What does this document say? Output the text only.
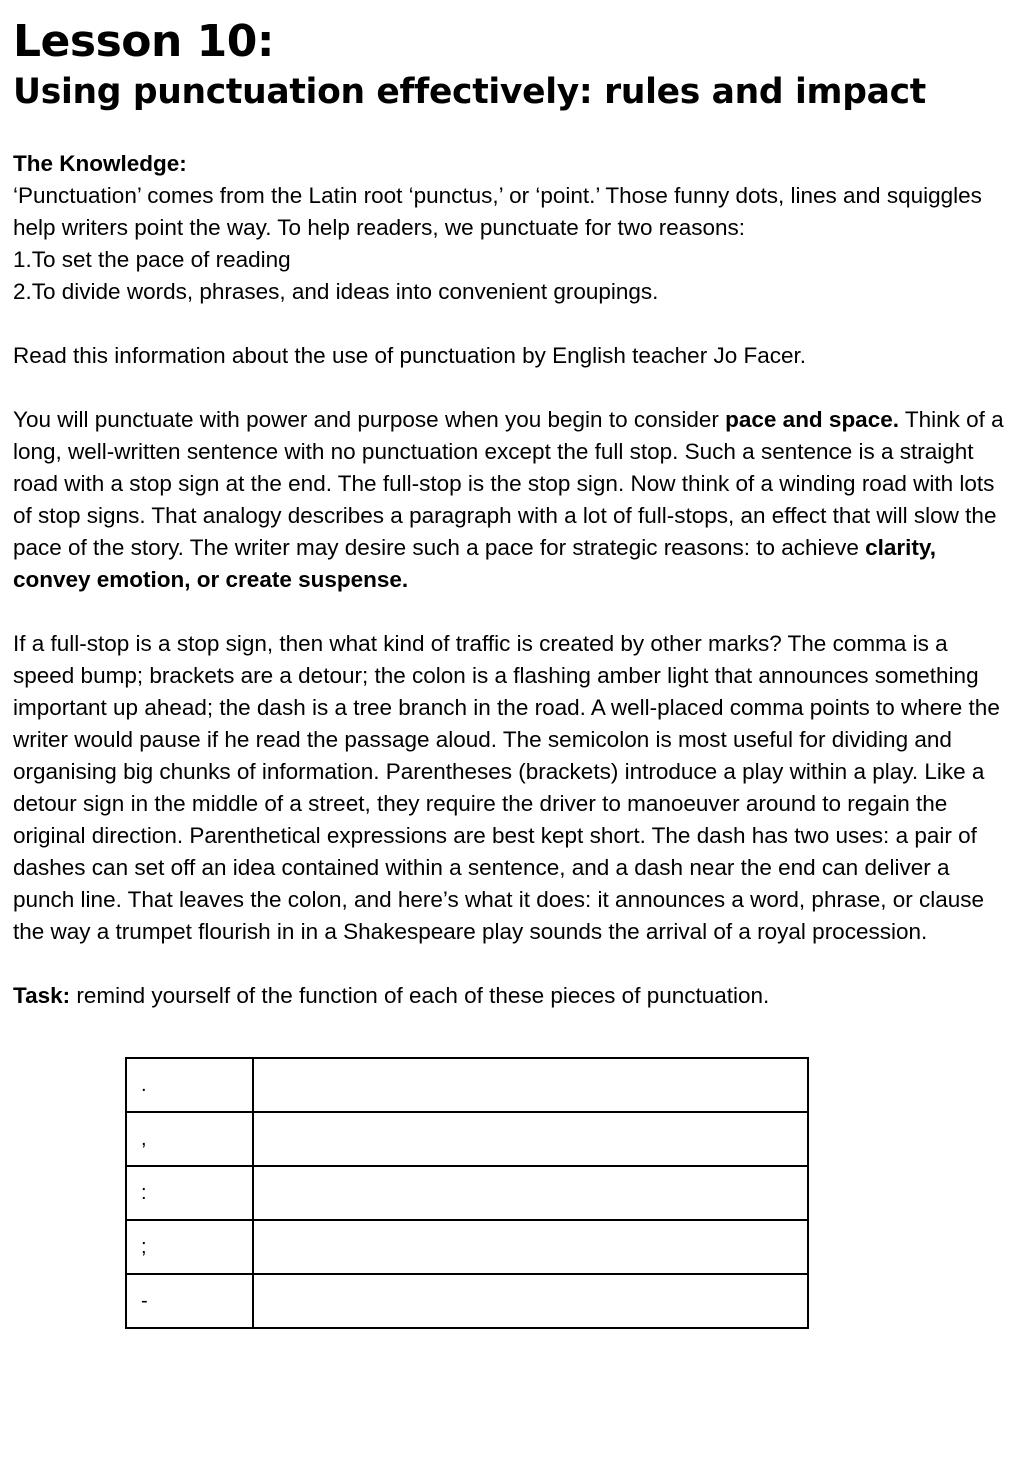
Lesson 10:
Using punctuation effectively: rules and impact

The Knowledge:

‘Punctuation’ comes from the Latin root ‘punctus,’ or ‘point.’ Those funny dots, lines and squiggles help writers point the way. To help readers, we punctuate for two reasons:

1.To set the pace of reading

2.To divide words, phrases, and ideas into convenient groupings.

Read this information about the use of punctuation by English teacher Jo Facer.

You will punctuate with power and purpose when you begin to consider pace and space. Think of a long, well-written sentence with no punctuation except the full stop. Such a sentence is a straight road with a stop sign at the end. The full-stop is the stop sign. Now think of a winding road with lots of stop signs. That analogy describes a paragraph with a lot of full-stops, an effect that will slow the pace of the story. The writer may desire such a pace for strategic reasons: to achieve clarity, convey emotion, or create suspense.

If a full-stop is a stop sign, then what kind of traffic is created by other marks? The comma is a speed bump; brackets are a detour; the colon is a flashing amber light that announces something important up ahead; the dash is a tree branch in the road. A well-placed comma points to where the writer would pause if he read the passage aloud. The semicolon is most useful for dividing and organising big chunks of information. Parentheses (brackets) introduce a play within a play. Like a detour sign in the middle of a street, they require the driver to manoeuver around to regain the original direction. Parenthetical expressions are best kept short. The dash has two uses: a pair of dashes can set off an idea contained within a sentence, and a dash near the end can deliver a punch line. That leaves the colon, and here’s what it does: it announces a word, phrase, or clause the way a trumpet flourish in in a Shakespeare play sounds the arrival of a royal procession.

Task: remind yourself of the function of each of these pieces of punctuation.

.	
,	
:	
;	
-	
